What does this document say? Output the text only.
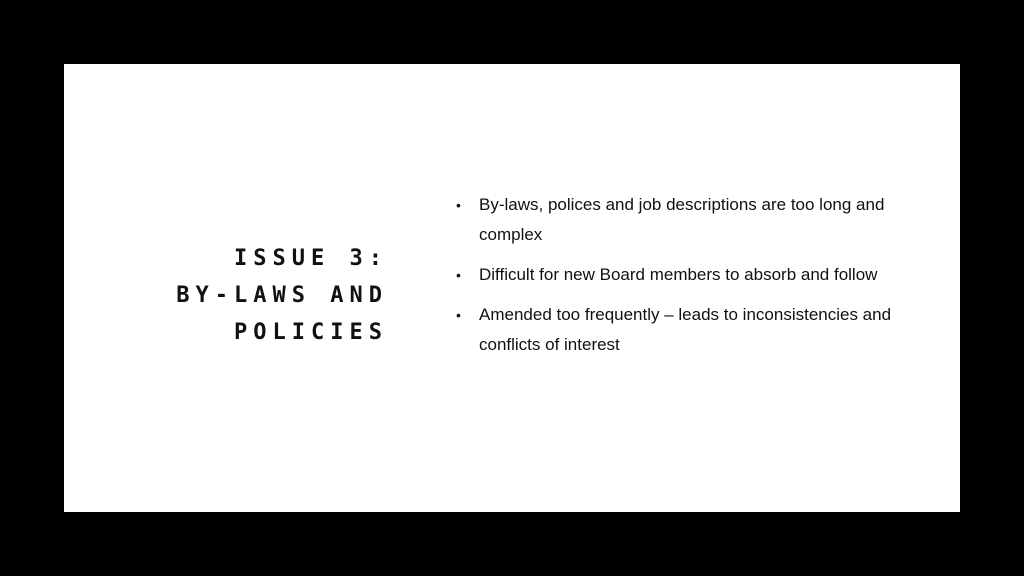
ISSUE 3:
BY-LAWS AND
POLICIES
• By-laws, polices and job descriptions are too long and complex
• Difficult for new Board members to absorb and follow
• Amended too frequently – leads to inconsistencies and conflicts of interest
